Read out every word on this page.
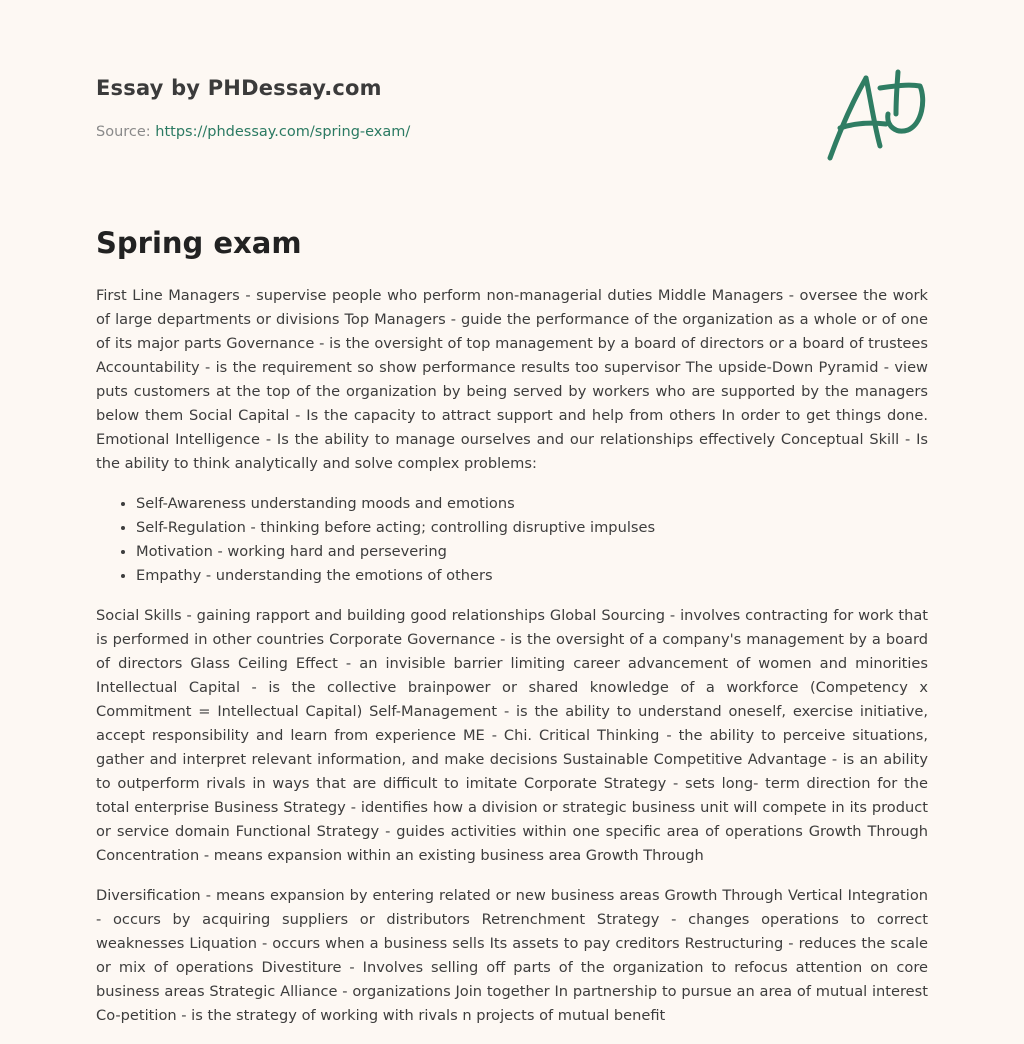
Essay by PHDessay.com
Source: https://phdessay.com/spring-exam/
Spring exam

First Line Managers - supervise people who perform non-managerial duties Middle Managers - oversee the work of large departments or divisions Top Managers - guide the performance of the organization as a whole or of one of its major parts Governance - is the oversight of top management by a board of directors or a board of trustees Accountability - is the requirement so show performance results too supervisor The upside-Down Pyramid - view puts customers at the top of the organization by being served by workers who are supported by the managers below them Social Capital - Is the capacity to attract support and help from others In order to get things done. Emotional Intelligence - Is the ability to manage ourselves and our relationships effectively Conceptual Skill - Is the ability to think analytically and solve complex problems:

• Self-Awareness understanding moods and emotions
• Self-Regulation - thinking before acting; controlling disruptive impulses
• Motivation - working hard and persevering
• Empathy - understanding the emotions of others

Social Skills - gaining rapport and building good relationships Global Sourcing - involves contracting for work that is performed in other countries Corporate Governance - is the oversight of a company's management by a board of directors Glass Ceiling Effect - an invisible barrier limiting career advancement of women and minorities Intellectual Capital - is the collective brainpower or shared knowledge of a workforce (Competency x Commitment = Intellectual Capital) Self-Management - is the ability to understand oneself, exercise initiative, accept responsibility and learn from experience ME - Chi. Critical Thinking - the ability to perceive situations, gather and interpret relevant information, and make decisions Sustainable Competitive Advantage - is an ability to outperform rivals in ways that are difficult to imitate Corporate Strategy - sets long- term direction for the total enterprise Business Strategy - identifies how a division or strategic business unit will compete in its product or service domain Functional Strategy - guides activities within one specific area of operations Growth Through Concentration - means expansion within an existing business area Growth Through

Diversification - means expansion by entering related or new business areas Growth Through Vertical Integration - occurs by acquiring suppliers or distributors Retrenchment Strategy - changes operations to correct weaknesses Liquation - occurs when a business sells Its assets to pay creditors Restructuring - reduces the scale or mix of operations Divestiture - Involves selling off parts of the organization to refocus attention on core business areas Strategic Alliance - organizations Join together In partnership to pursue an area of mutual interest Co-petition - is the strategy of working with rivals n projects of mutual benefit
